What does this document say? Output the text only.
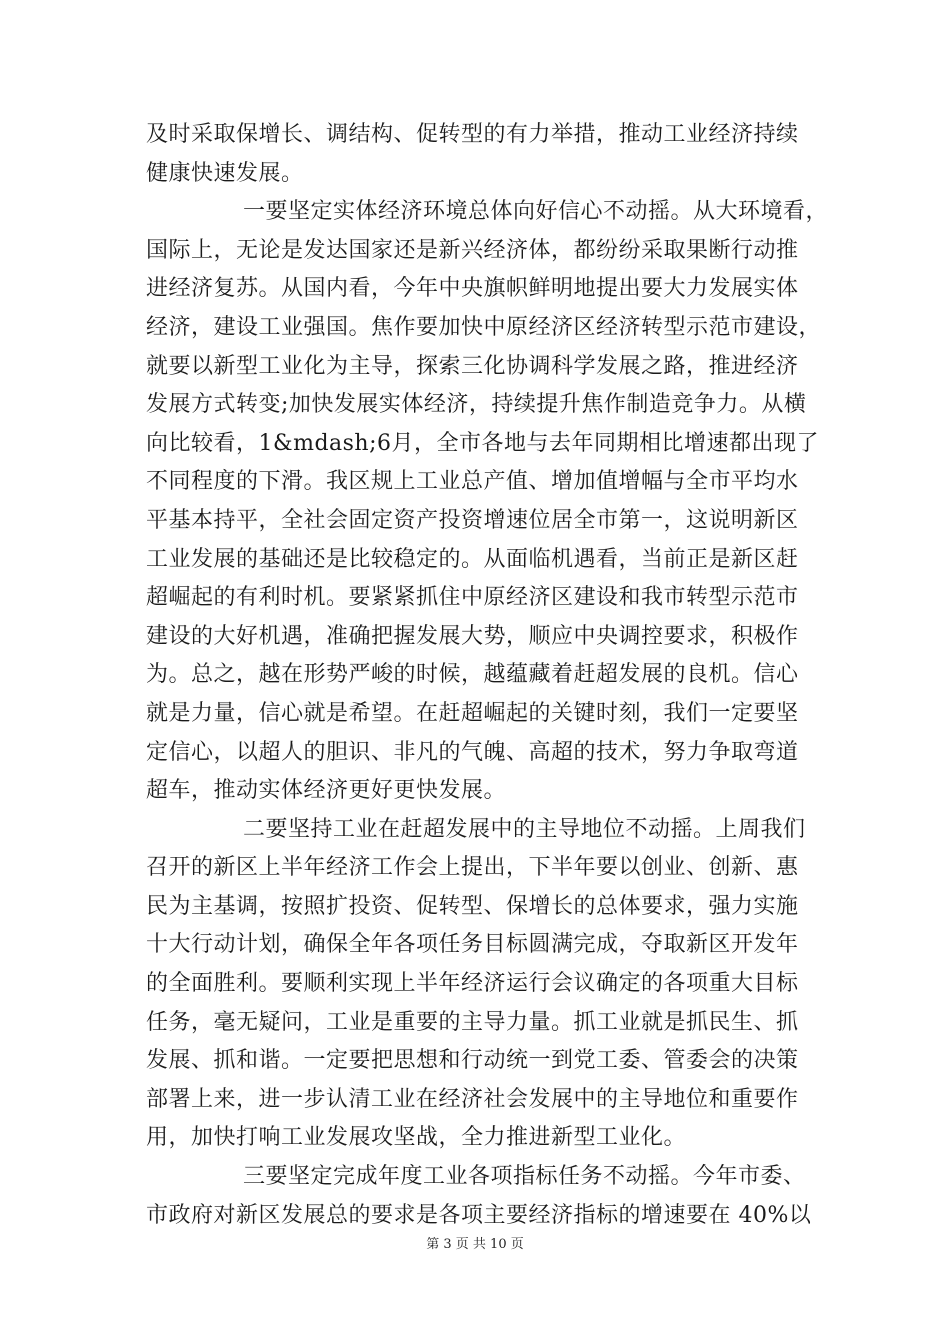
及时采取保增长、调结构、促转型的有力举措，推动工业经济持续
健康快速发展。
一要坚定实体经济环境总体向好信心不动摇。从大环境看，
国际上，无论是发达国家还是新兴经济体，都纷纷采取果断行动推
进经济复苏。从国内看，今年中央旗帜鲜明地提出要大力发展实体
经济，建设工业强国。焦作要加快中原经济区经济转型示范市建设，
就要以新型工业化为主导，探索三化协调科学发展之路，推进经济
发展方式转变;加快发展实体经济，持续提升焦作制造竞争力。从横
向比较看，1&mdash;6月，全市各地与去年同期相比增速都出现了
不同程度的下滑。我区规上工业总产值、增加值增幅与全市平均水
平基本持平，全社会固定资产投资增速位居全市第一，这说明新区
工业发展的基础还是比较稳定的。从面临机遇看，当前正是新区赶
超崛起的有利时机。要紧紧抓住中原经济区建设和我市转型示范市
建设的大好机遇，准确把握发展大势，顺应中央调控要求，积极作
为。总之，越在形势严峻的时候，越蕴藏着赶超发展的良机。信心
就是力量，信心就是希望。在赶超崛起的关键时刻，我们一定要坚
定信心，以超人的胆识、非凡的气魄、高超的技术，努力争取弯道
超车，推动实体经济更好更快发展。
二要坚持工业在赶超发展中的主导地位不动摇。上周我们
召开的新区上半年经济工作会上提出，下半年要以创业、创新、惠
民为主基调，按照扩投资、促转型、保增长的总体要求，强力实施
十大行动计划，确保全年各项任务目标圆满完成，夺取新区开发年
的全面胜利。要顺利实现上半年经济运行会议确定的各项重大目标
任务，毫无疑问，工业是重要的主导力量。抓工业就是抓民生、抓
发展、抓和谐。一定要把思想和行动统一到党工委、管委会的决策
部署上来，进一步认清工业在经济社会发展中的主导地位和重要作
用，加快打响工业发展攻坚战，全力推进新型工业化。
三要坚定完成年度工业各项指标任务不动摇。今年市委、
市政府对新区发展总的要求是各项主要经济指标的增速要在 40%以
第 3 页 共 10 页
